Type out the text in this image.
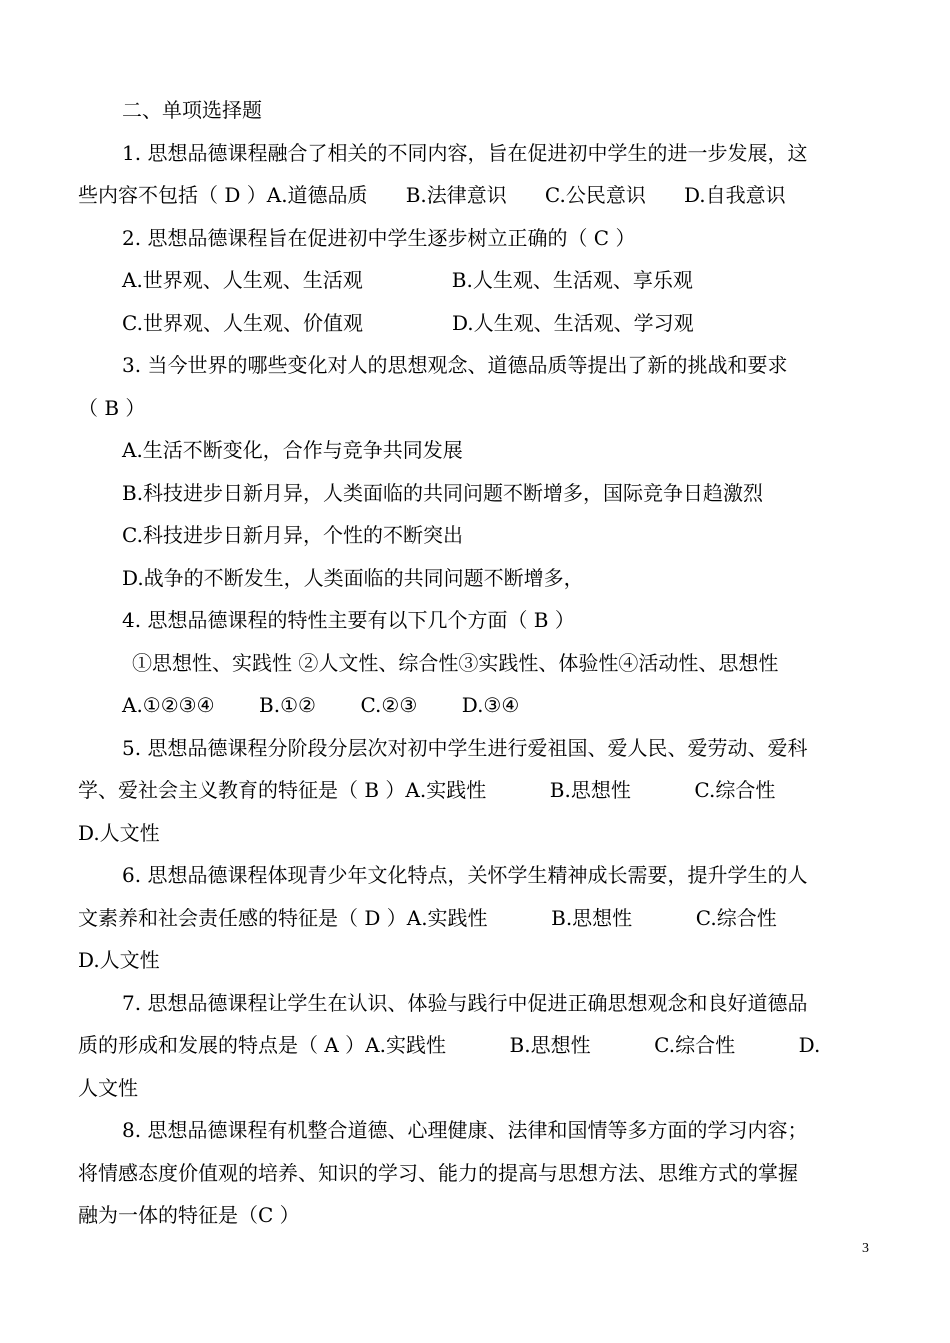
二、单项选择题

1. 思想品德课程融合了相关的不同内容，旨在促进初中学生的进一步发展，这

些内容不包括（ D ）A.道德品质      B.法律意识      C.公民意识      D.自我意识

2. 思想品德课程旨在促进初中学生逐步树立正确的（ C ）

A.世界观、人生观、生活观              B.人生观、生活观、享乐观

C.世界观、人生观、价值观              D.人生观、生活观、学习观

3. 当今世界的哪些变化对人的思想观念、道德品质等提出了新的挑战和要求

（ B ）

A.生活不断变化，合作与竞争共同发展

B.科技进步日新月异，人类面临的共同问题不断增多，国际竞争日趋激烈

C.科技进步日新月异，个性的不断突出

D.战争的不断发生，人类面临的共同问题不断增多，

4. 思想品德课程的特性主要有以下几个方面（ B ）

①思想性、实践性 ②人文性、综合性③实践性、体验性④活动性、思想性

A.①②③④       B.①②       C.②③       D.③④

5. 思想品德课程分阶段分层次对初中学生进行爱祖国、爱人民、爱劳动、爱科

学、爱社会主义教育的特征是（ B ）A.实践性          B.思想性          C.综合性

D.人文性

6. 思想品德课程体现青少年文化特点，关怀学生精神成长需要，提升学生的人

文素养和社会责任感的特征是（ D ）A.实践性          B.思想性          C.综合性

D.人文性

7. 思想品德课程让学生在认识、体验与践行中促进正确思想观念和良好道德品

质的形成和发展的特点是（ A ）A.实践性          B.思想性          C.综合性          D.

人文性

8. 思想品德课程有机整合道德、心理健康、法律和国情等多方面的学习内容；

将情感态度价值观的培养、知识的学习、能力的提高与思想方法、思维方式的掌握

融为一体的特征是（C ）

3
